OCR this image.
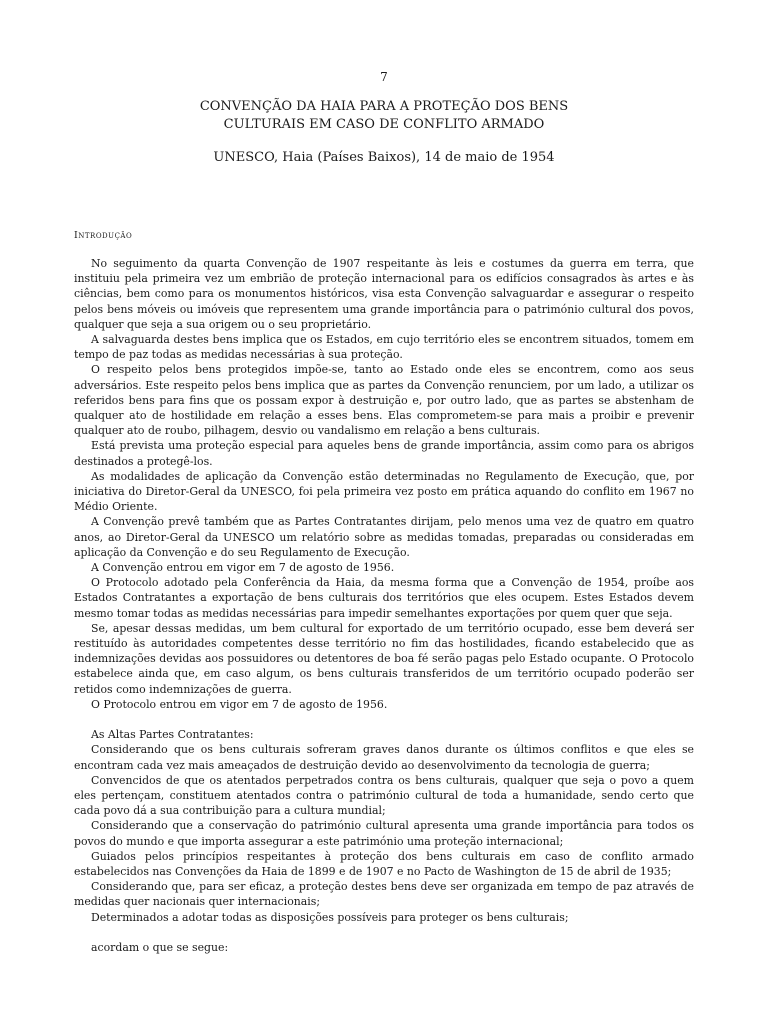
7
CONVENÇÃO DA HAIA PARA A PROTEÇÃO DOS BENS
CULTURAIS EM CASO DE CONFLITO ARMADO
UNESCO, Haia (Países Baixos), 14 de maio de 1954
Introdução

No seguimento da quarta Convenção de 1907 respeitante às leis e costumes da guerra em terra, que instituiu pela primeira vez um embrião de proteção internacional para os edifícios consagrados às artes e às ciências, bem como para os monumentos históricos, visa esta Convenção salvaguardar e assegurar o respeito pelos bens móveis ou imóveis que representem uma grande importância para o património cultural dos povos, qualquer que seja a sua origem ou o seu proprietário.

A salvaguarda destes bens implica que os Estados, em cujo território eles se encontrem situados, tomem em tempo de paz todas as medidas necessárias à sua proteção.

O respeito pelos bens protegidos impõe-se, tanto ao Estado onde eles se encontrem, como aos seus adversários. Este respeito pelos bens implica que as partes da Convenção renunciem, por um lado, a utilizar os referidos bens para fins que os possam expor à destruição e, por outro lado, que as partes se abstenham de qualquer ato de hostilidade em relação a esses bens. Elas comprometem-se para mais a proibir e prevenir qualquer ato de roubo, pilhagem, desvio ou vandalismo em relação a bens culturais.

Está prevista uma proteção especial para aqueles bens de grande importância, assim como para os abrigos destinados a protegê-los.

As modalidades de aplicação da Convenção estão determinadas no Regulamento de Execução, que, por iniciativa do Diretor-Geral da UNESCO, foi pela primeira vez posto em prática aquando do conflito em 1967 no Médio Oriente.

A Convenção prevê também que as Partes Contratantes dirijam, pelo menos uma vez de quatro em quatro anos, ao Diretor-Geral da UNESCO um relatório sobre as medidas tomadas, preparadas ou consideradas em aplicação da Convenção e do seu Regulamento de Execução.

A Convenção entrou em vigor em 7 de agosto de 1956.

O Protocolo adotado pela Conferência da Haia, da mesma forma que a Convenção de 1954, proíbe aos Estados Contratantes a exportação de bens culturais dos territórios que eles ocupem. Estes Estados devem mesmo tomar todas as medidas necessárias para impedir semelhantes exportações por quem quer que seja.

Se, apesar dessas medidas, um bem cultural for exportado de um território ocupado, esse bem deverá ser restituído às autoridades competentes desse território no fim das hostilidades, ficando estabelecido que as indemnizações devidas aos possuidores ou detentores de boa fé serão pagas pelo Estado ocupante. O Protocolo estabelece ainda que, em caso algum, os bens culturais transferidos de um território ocupado poderão ser retidos como indemnizações de guerra.

O Protocolo entrou em vigor em 7 de agosto de 1956.

As Altas Partes Contratantes:

Considerando que os bens culturais sofreram graves danos durante os últimos conflitos e que eles se encontram cada vez mais ameaçados de destruição devido ao desenvolvimento da tecnologia de guerra;

Convencidos de que os atentados perpetrados contra os bens culturais, qualquer que seja o povo a quem eles pertençam, constituem atentados contra o património cultural de toda a humanidade, sendo certo que cada povo dá a sua contribuição para a cultura mundial;

Considerando que a conservação do património cultural apresenta uma grande importância para todos os povos do mundo e que importa assegurar a este património uma proteção internacional;

Guiados pelos princípios respeitantes à proteção dos bens culturais em caso de conflito armado estabelecidos nas Convenções da Haia de 1899 e de 1907 e no Pacto de Washington de 15 de abril de 1935;

Considerando que, para ser eficaz, a proteção destes bens deve ser organizada em tempo de paz através de medidas quer nacionais quer internacionais;

Determinados a adotar todas as disposições possíveis para proteger os bens culturais;

acordam o que se segue:
